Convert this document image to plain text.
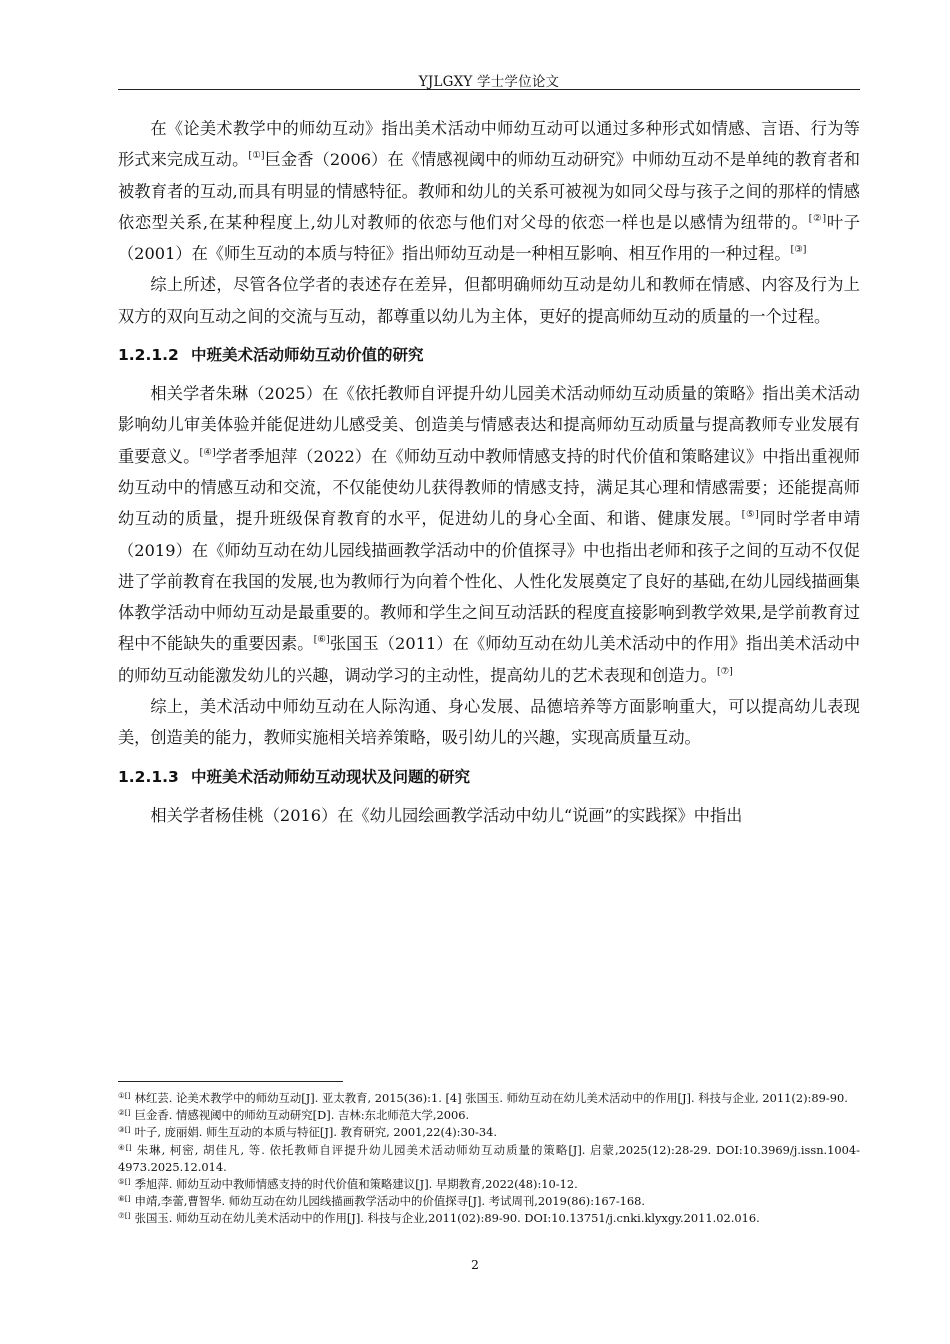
YJLGXY 学士学位论文

在《论美术教学中的师幼互动》指出美术活动中师幼互动可以通过多种形式如情感、言语、行为等形式来完成互动。[①]巨金香（2006）在《情感视阈中的师幼互动研究》中师幼互动不是单纯的教育者和被教育者的互动,而具有明显的情感特征。教师和幼儿的关系可被视为如同父母与孩子之间的那样的情感依恋型关系,在某种程度上,幼儿对教师的依恋与他们对父母的依恋一样也是以感情为纽带的。[②]叶子（2001）在《师生互动的本质与特征》指出师幼互动是一种相互影响、相互作用的一种过程。[③]

综上所述，尽管各位学者的表述存在差异，但都明确师幼互动是幼儿和教师在情感、内容及行为上双方的双向互动之间的交流与互动，都尊重以幼儿为主体，更好的提高师幼互动的质量的一个过程。

1.2.1.2 中班美术活动师幼互动价值的研究

相关学者朱琳（2025）在《依托教师自评提升幼儿园美术活动师幼互动质量的策略》指出美术活动影响幼儿审美体验并能促进幼儿感受美、创造美与情感表达和提高师幼互动质量与提高教师专业发展有重要意义。[④]学者季旭萍（2022）在《师幼互动中教师情感支持的时代价值和策略建议》中指出重视师幼互动中的情感互动和交流，不仅能使幼儿获得教师的情感支持，满足其心理和情感需要；还能提高师幼互动的质量，提升班级保育教育的水平，促进幼儿的身心全面、和谐、健康发展。[⑤]同时学者申靖（2019）在《师幼互动在幼儿园线描画教学活动中的价值探寻》中也指出老师和孩子之间的互动不仅促进了学前教育在我国的发展,也为教师行为向着个性化、人性化发展奠定了良好的基础,在幼儿园线描画集体教学活动中师幼互动是最重要的。教师和学生之间互动活跃的程度直接影响到教学效果,是学前教育过程中不能缺失的重要因素。[⑥]张国玉（2011）在《师幼互动在幼儿美术活动中的作用》指出美术活动中的师幼互动能激发幼儿的兴趣，调动学习的主动性，提高幼儿的艺术表现和创造力。[⑦]

综上，美术活动中师幼互动在人际沟通、身心发展、品德培养等方面影响重大，可以提高幼儿表现美，创造美的能力，教师实施相关培养策略，吸引幼儿的兴趣，实现高质量互动。

1.2.1.3 中班美术活动师幼互动现状及问题的研究

相关学者杨佳桃（2016）在《幼儿园绘画教学活动中幼儿“说画”的实践探》中指出

①[] 林红芸. 论美术教学中的师幼互动[J]. 亚太教育, 2015(36):1. [4] 张国玉. 师幼互动在幼儿美术活动中的作用[J]. 科技与企业, 2011(2):89-90.

②[] 巨金香. 情感视阈中的师幼互动研究[D]. 吉林:东北师范大学,2006.

③[] 叶子, 庞丽娟. 师生互动的本质与特征[J]. 教育研究, 2001,22(4):30-34.

④[] 朱琳, 柯密, 胡佳凡, 等. 依托教师自评提升幼儿园美术活动师幼互动质量的策略[J]. 启蒙,2025(12):28-29. DOI:10.3969/j.issn.1004-4973.2025.12.014.

⑤[] 季旭萍. 师幼互动中教师情感支持的时代价值和策略建议[J]. 早期教育,2022(48):10-12.

⑥[] 申靖,李蕾,曹智华. 师幼互动在幼儿园线描画教学活动中的价值探寻[J]. 考试周刊,2019(86):167-168.

⑦[] 张国玉. 师幼互动在幼儿美术活动中的作用[J]. 科技与企业,2011(02):89-90. DOI:10.13751/j.cnki.klyxgy.2011.02.016.

2
